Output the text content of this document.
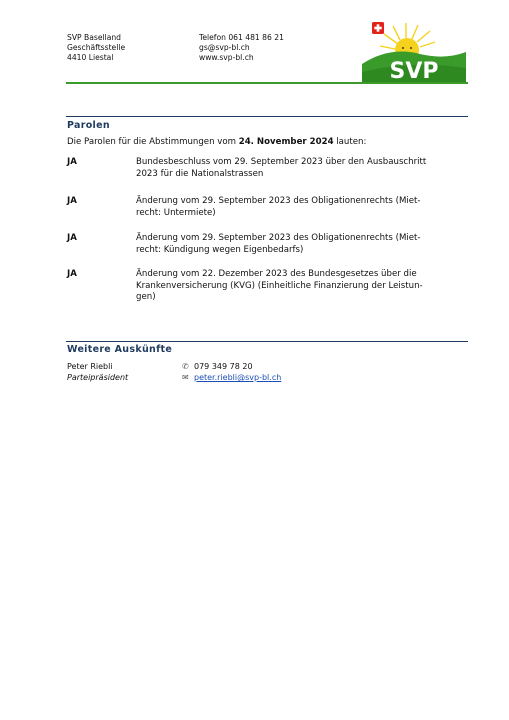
SVP Baselland
Geschäftsstelle
4410 Liestal
Telefon 061 481 86 21
gs@svp-bl.ch
www.svp-bl.ch
SVP
Parolen
Die Parolen für die Abstimmungen vom 24. November 2024 lauten:
JA	Bundesbeschluss vom 29. September 2023 über den Ausbauschritt
2023 für die Nationalstrassen
JA	Änderung vom 29. September 2023 des Obligationenrechts (Miet-
recht: Untermiete)
JA	Änderung vom 29. September 2023 des Obligationenrechts (Miet-
recht: Kündigung wegen Eigenbedarfs)
JA	Änderung vom 22. Dezember 2023 des Bundesgesetzes über die
Krankenversicherung (KVG) (Einheitliche Finanzierung der Leistun-
gen)
Weitere Auskünfte
Peter Riebli
Parteipräsident
✆ 079 349 78 20
✉ peter.riebli@svp-bl.ch
